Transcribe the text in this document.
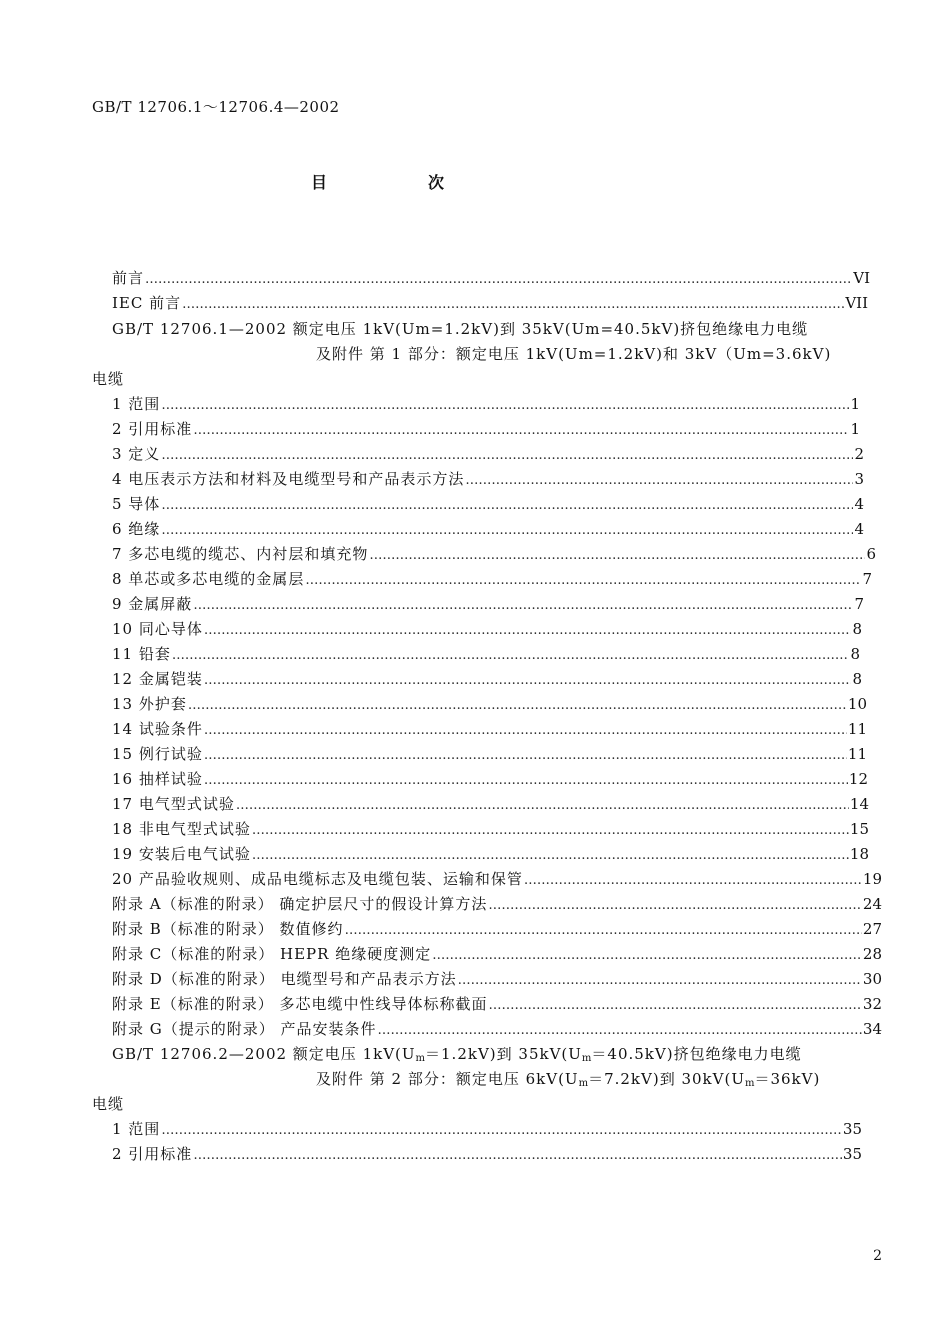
GB/T 12706.1～12706.4—2002
目	次
前言 ……………………………………………………………………………………………………………………………………………………………………………………	VI
IEC 前言 ……………………………………………………………………………………………………………………………………………………………………………………	VII
GB/T 12706.1—2002 额定电压 1kV(Um=1.2kV)到 35kV(Um=40.5kV)挤包绝缘电力电缆
及附件 第 1 部分：额定电压 1kV(Um=1.2kV)和 3kV（Um=3.6kV)
电缆
1 范围 ……………………………………………………………………………………………………………………………………………………………………………………	1
2 引用标准 ……………………………………………………………………………………………………………………………………………………………………………………	1
3 定义 ……………………………………………………………………………………………………………………………………………………………………………………	2
4 电压表示方法和材料及电缆型号和产品表示方法 ……………………………………………………………………………………………………………………………………………………………………………………	3
5 导体 ……………………………………………………………………………………………………………………………………………………………………………………	4
6 绝缘 ……………………………………………………………………………………………………………………………………………………………………………………	4
7 多芯电缆的缆芯、内衬层和填充物 ……………………………………………………………………………………………………………………………………………………………………………………	6
8 单芯或多芯电缆的金属层 ……………………………………………………………………………………………………………………………………………………………………………………	7
9 金属屏蔽 ……………………………………………………………………………………………………………………………………………………………………………………	7
10 同心导体 ……………………………………………………………………………………………………………………………………………………………………………………	8
11 铅套 ……………………………………………………………………………………………………………………………………………………………………………………	8
12 金属铠装 ……………………………………………………………………………………………………………………………………………………………………………………	8
13 外护套 ……………………………………………………………………………………………………………………………………………………………………………………	10
14 试验条件 ……………………………………………………………………………………………………………………………………………………………………………………	11
15 例行试验 ……………………………………………………………………………………………………………………………………………………………………………………	11
16 抽样试验 ……………………………………………………………………………………………………………………………………………………………………………………	12
17 电气型式试验 ……………………………………………………………………………………………………………………………………………………………………………………	14
18 非电气型式试验 ……………………………………………………………………………………………………………………………………………………………………………………	15
19 安装后电气试验 ……………………………………………………………………………………………………………………………………………………………………………………	18
20 产品验收规则、成品电缆标志及电缆包装、运输和保管 ……………………………………………………………………………………………………………………………………………………………………………………	19
附录 A（标准的附录） 确定护层尺寸的假设计算方法 ……………………………………………………………………………………………………………………………………………………………………………………	24
附录 B（标准的附录） 数值修约 ……………………………………………………………………………………………………………………………………………………………………………………	27
附录 C（标准的附录） HEPR 绝缘硬度测定 ……………………………………………………………………………………………………………………………………………………………………………………	28
附录 D（标准的附录） 电缆型号和产品表示方法 ……………………………………………………………………………………………………………………………………………………………………………………	30
附录 E（标准的附录） 多芯电缆中性线导体标称截面 ……………………………………………………………………………………………………………………………………………………………………………………	32
附录 G（提示的附录） 产品安装条件 ……………………………………………………………………………………………………………………………………………………………………………………	34
GB/T 12706.2—2002 额定电压 $1kV(U_m=1.2kV)$到 $35kV(U_m=40.5kV)$挤包绝缘电力电缆
及附件 第 2 部分：额定电压 $6kV(U_m=7.2kV)$到 $30kV(U_m=36kV)$
电缆
1 范围 ……………………………………………………………………………………………………………………………………………………………………………………	35
2 引用标准 ……………………………………………………………………………………………………………………………………………………………………………………	35
2
